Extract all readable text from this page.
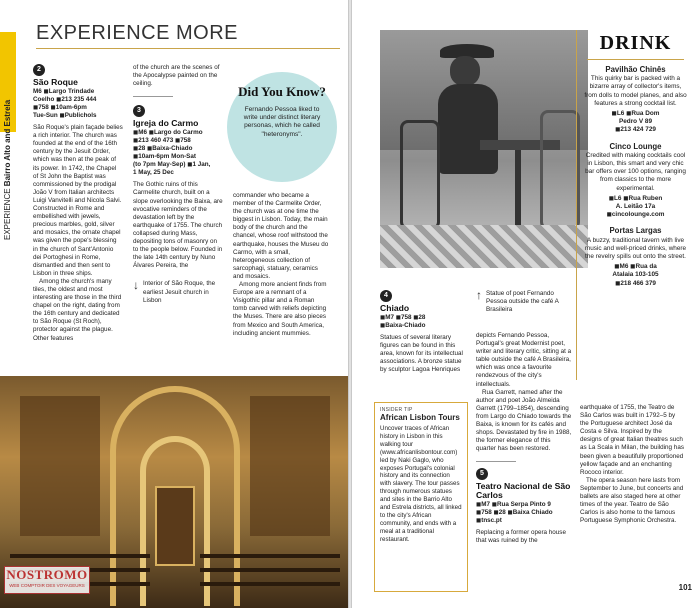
EXPERIENCE Bairro Alto and Estrela
EXPERIENCE MORE
2
São Roque
M6 ◼Largo Trindade
Coelho ◼213 235 444
◼758 ◼10am-6pm
Tue-Sun ◼Publichols

São Roque's plain façade belies a rich interior. The church was founded at the end of the 16th century by the Jesuit Order, which was then at the peak of its power. In 1742, the Chapel of St John the Baptist was commissioned by the prodigal João V from Italian architects Luigi Vanvitelli and Nicola Salvi. Constructed in Rome and embellished with jewels, precious marbles, gold, silver and mosaics, the ornate chapel was given the pope's blessing in the church of Sant'Antonio dei Portoghesi in Rome, dismantled and then sent to Lisbon in three ships.

Among the church's many tiles, the oldest and most interesting are those in the third chapel on the right, dating from the 16th century and dedicated to São Roque (St Roch), protector against the plague. Other features

of the church are the scenes of the Apocalypse painted on the ceiling.

3
Igreja do Carmo
◼M6 ◼Largo do Carmo
◼213 460 473 ◼758
◼28 ◼Baixa-Chiado
◼10am-6pm Mon-Sat
(to 7pm May-Sep) ◼1 Jan,
1 May, 25 Dec

The Gothic ruins of this Carmelite church, built on a slope overlooking the Baixa, are evocative reminders of the devastation left by the earthquake of 1755. The church collapsed during Mass, depositing tons of masonry on to the people below. Founded in the late 14th century by Nuno Álvares Pereira, the

↓ Interior of São Roque, the earliest Jesuit church in Lisbon
Did You Know?
Fernando Pessoa liked to write under distinct literary personas, which he called "heteronyms".

commander who became a member of the Carmelite Order, the church was at one time the biggest in Lisbon. Today, the main body of the church and the chancel, whose roof withstood the earthquake, houses the Museu do Carmo, with a small, heterogeneous collection of sarcophagi, statuary, ceramics and mosaics.

Among more ancient finds from Europe are a remnant of a Visigothic pillar and a Roman tomb carved with reliefs depicting the Muses. There are also pieces from Mexico and South America, including ancient mummies.

NOSTROMO
WEB COMPTOIR DES VOYAGEURS
4
Chiado
◼M7 ◼758 ◼28
◼Baixa-Chiado

Statues of several literary figures can be found in this area, known for its intellectual associations. A bronze statue by sculptor Lagoa Henriques

↑ Statue of poet Fernando Pessoa outside the café A Brasileira

depicts Fernando Pessoa, Portugal's great Modernist poet, writer and literary critic, sitting at a table outside the café A Brasileira, which was once a favourite rendezvous of the city's intellectuals.

Rua Garrett, named after the author and poet João Almeida Garrett (1799–1854), descending from Largo do Chiado towards the Baixa, is known for its cafés and shops. Devastated by fire in 1988, the former elegance of this quarter has been restored.

5
Teatro Nacional de São Carlos
◼M7 ◼Rua Serpa Pinto 9
◼758 ◼28 ◼Baixa Chiado
◼tnsc.pt

Replacing a former opera house that was ruined by the

earthquake of 1755, the Teatro de São Carlos was built in 1792–5 by the Portuguese architect José da Costa e Silva. Inspired by the designs of great Italian theatres such as La Scala in Milan, the building has been given a beautifully proportioned yellow façade and an enchanting Rococo interior.

The opera season here lasts from September to June, but concerts and ballets are also staged here at other times of the year. Teatro de São Carlos is also home to the famous Portuguese Symphonic Orchestra.

INSIDER TIP
African Lisbon Tours
Uncover traces of African history in Lisbon in this walking tour (www.africanlisbontour.com) led by Naki Gaglo, who exposes Portugal's colonial history and its connection with slavery. The tour passes through numerous statues and sites in the Barrio Alto and Estrela districts, all linked to the city's African community, and ends with a meal at a traditional restaurant.
DRINK
Pavilhão Chinês
This quirky bar is packed with a bizarre array of collector's items, from dolls to model planes, and also features a strong cocktail list.
◼L6 ◼Rua Dom
Pedro V 89
◼213 424 729
Cinco Lounge
Credited with making cocktails cool in Lisbon, this smart and very chic bar offers over 100 options, ranging from classics to the more experimental.
◼L6 ◼Rua Ruben
A. Leitão 17a
◼cincolounge.com
Portas Largas
A buzzy, traditional tavern with live music and well-priced drinks, where the revelry spills out onto the street.
◼M6 ◼Rua da
Atalaia 103-105
◼218 466 379
101
